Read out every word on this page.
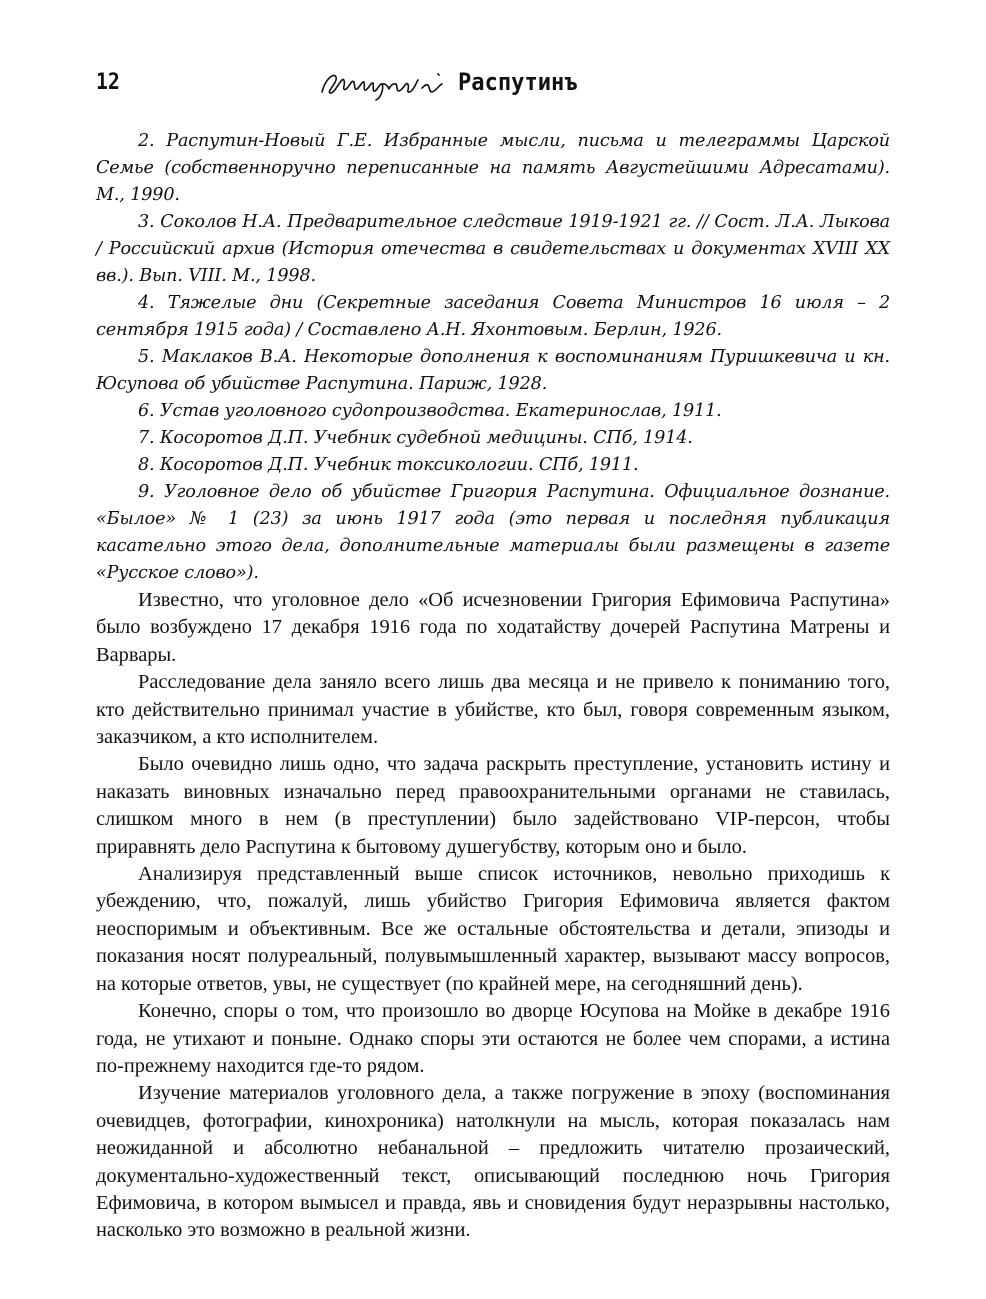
12	Распутинъ

2. Распутин-Новый Г.Е. Избранные мысли, письма и телеграммы Царской Семье (собственноручно переписанные на память Августейшими Адресатами). М., 1990.

3. Соколов Н.А. Предварительное следствие 1919-1921 гг. // Сост. Л.А. Лыкова / Российский архив (История отечества в свидетельствах и документах XVIII XX вв.). Вып. VIII. М., 1998.

4. Тяжелые дни (Секретные заседания Совета Министров 16 июля – 2 сентября 1915 года) / Составлено А.Н. Яхонтовым. Берлин, 1926.

5. Маклаков В.А. Некоторые дополнения к воспоминаниям Пуришкевича и кн. Юсупова об убийстве Распутина. Париж, 1928.

6. Устав уголовного судопроизводства. Екатеринослав, 1911.

7. Косоротов Д.П. Учебник судебной медицины. СПб, 1914.

8. Косоротов Д.П. Учебник токсикологии. СПб, 1911.

9. Уголовное дело об убийстве Григория Распутина. Официальное дознание. «Былое» № 1 (23) за июнь 1917 года (это первая и последняя публикация касательно этого дела, дополнительные материалы были размещены в газете «Русское слово»).

Известно, что уголовное дело «Об исчезновении Григория Ефимовича Распутина» было возбуждено 17 декабря 1916 года по ходатайству дочерей Распутина Матрены и Варвары.

Расследование дела заняло всего лишь два месяца и не привело к пониманию того, кто действительно принимал участие в убийстве, кто был, говоря современным языком, заказчиком, а кто исполнителем.

Было очевидно лишь одно, что задача раскрыть преступление, установить истину и наказать виновных изначально перед правоохранительными органами не ставилась, слишком много в нем (в преступлении) было задействовано VIP-персон, чтобы приравнять дело Распутина к бытовому душегубству, которым оно и было.

Анализируя представленный выше список источников, невольно приходишь к убеждению, что, пожалуй, лишь убийство Григория Ефимовича является фактом неоспоримым и объективным. Все же остальные обстоятельства и детали, эпизоды и показания носят полуреальный, полувымышленный характер, вызывают массу вопросов, на которые ответов, увы, не существует (по крайней мере, на сегодняшний день).

Конечно, споры о том, что произошло во дворце Юсупова на Мойке в декабре 1916 года, не утихают и поныне. Однако споры эти остаются не более чем спорами, а истина по-прежнему находится где-то рядом.

Изучение материалов уголовного дела, а также погружение в эпоху (воспоминания очевидцев, фотографии, кинохроника) натолкнули на мысль, которая показалась нам неожиданной и абсолютно небанальной – предложить читателю прозаический, документально-художественный текст, описывающий последнюю ночь Григория Ефимовича, в котором вымысел и правда, явь и сновидения будут неразрывны настолько, насколько это возможно в реальной жизни.
